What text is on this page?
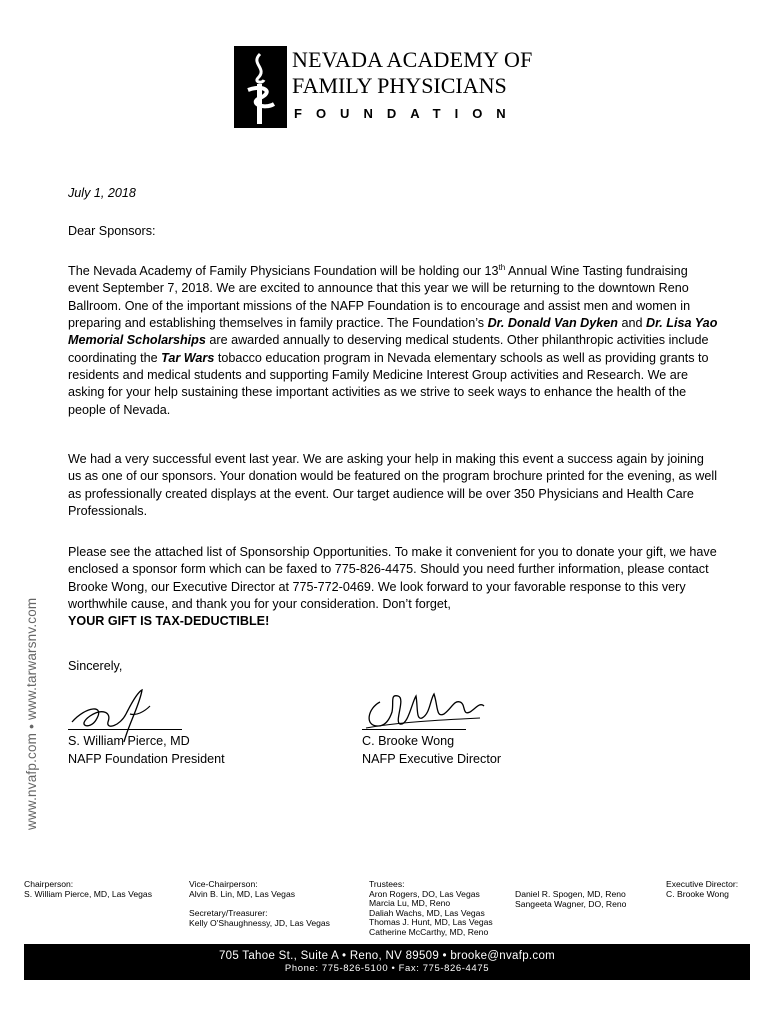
NEVADA ACADEMY OF
FAMILY PHYSICIANS
FOUNDATION
www.nvafp.com • www.tarwarsnv.com
July 1, 2018
Dear Sponsors:

The Nevada Academy of Family Physicians Foundation will be holding our 13th Annual Wine Tasting fundraising event September 7, 2018. We are excited to announce that this year we will be returning to the downtown Reno Ballroom. One of the important missions of the NAFP Foundation is to encourage and assist men and women in preparing and establishing themselves in family practice. The Foundation’s Dr. Donald Van Dyken and Dr. Lisa Yao Memorial Scholarships are awarded annually to deserving medical students. Other philanthropic activities include coordinating the Tar Wars tobacco education program in Nevada elementary schools as well as providing grants to residents and medical students and supporting Family Medicine Interest Group activities and Research. We are asking for your help sustaining these important activities as we strive to seek ways to enhance the health of the people of Nevada.

We had a very successful event last year. We are asking your help in making this event a success again by joining us as one of our sponsors. Your donation would be featured on the program brochure printed for the evening, as well as professionally created displays at the event. Our target audience will be over 350 Physicians and Health Care Professionals.
Please see the attached list of Sponsorship Opportunities. To make it convenient for you to donate your gift, we have enclosed a sponsor form which can be faxed to 775-826-4475. Should you need further information, please contact Brooke Wong, our Executive Director at 775-772-0469. We look forward to your favorable response to this very worthwhile cause, and thank you for your consideration. Don’t forget,
YOUR GIFT IS TAX-DEDUCTIBLE!
Sincerely,
S. William Pierce, MD
NAFP Foundation President
C. Brooke Wong
NAFP Executive Director
Chairperson:
S. William Pierce, MD, Las Vegas
Vice-Chairperson:
Alvin B. Lin, MD, Las Vegas
Secretary/Treasurer:
Kelly O'Shaughnessy, JD, Las Vegas
Trustees:
Aron Rogers, DO, Las Vegas
Marcia Lu, MD, Reno
Daliah Wachs, MD, Las Vegas
Thomas J. Hunt, MD, Las Vegas
Catherine McCarthy, MD, Reno
Daniel R. Spogen, MD, Reno
Sangeeta Wagner, DO, Reno
Executive Director:
C. Brooke Wong
705 Tahoe St., Suite A • Reno, NV 89509 • brooke@nvafp.com
Phone: 775-826-5100 • Fax: 775-826-4475
